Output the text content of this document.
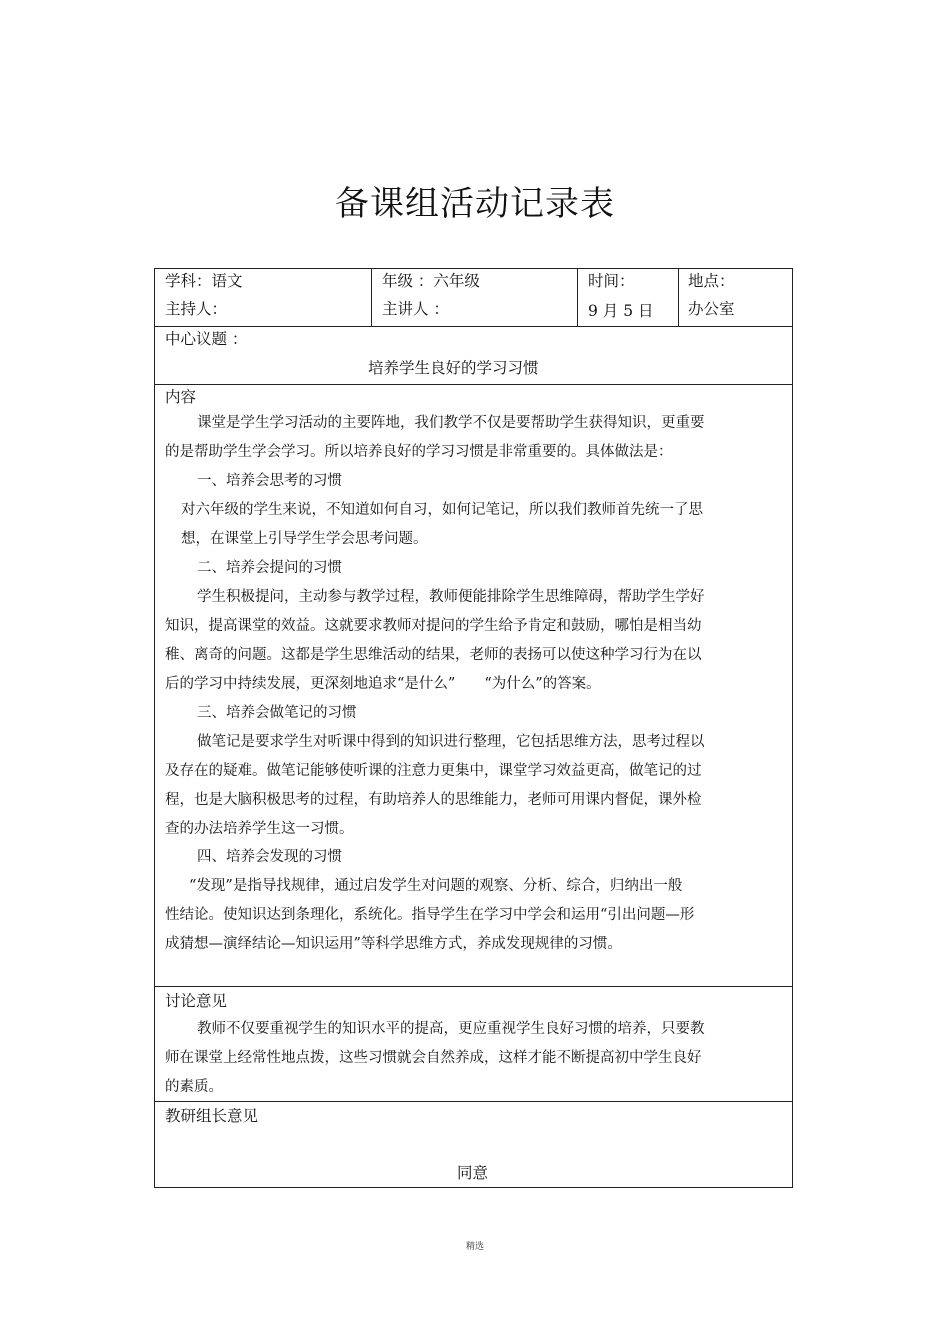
备课组活动记录表
学科：语文
主持人：
年级 ：六年级
主讲人 ：
时间：
9 月 5 日
地点：
办公室
中心议题 ：
培养学生良好的学习习惯
内容
课堂是学生学习活动的主要阵地，我们教学不仅是要帮助学生获得知识，更重要
的是帮助学生学会学习。所以培养良好的学习习惯是非常重要的。具体做法是：
一、培养会思考的习惯
对六年级的学生来说，不知道如何自习，如何记笔记，所以我们教师首先统一了思
想，在课堂上引导学生学会思考问题。
二、培养会提问的习惯
学生积极提问，主动参与教学过程，教师便能排除学生思维障碍，帮助学生学好
知识，提高课堂的效益。这就要求教师对提问的学生给予肯定和鼓励，哪怕是相当幼
稚、离奇的问题。这都是学生思维活动的结果，老师的表扬可以使这种学习行为在以
后的学习中持续发展，更深刻地追求“是什么”　　“为什么”的答案。
三、培养会做笔记的习惯
做笔记是要求学生对听课中得到的知识进行整理，它包括思维方法，思考过程以
及存在的疑难。做笔记能够使听课的注意力更集中，课堂学习效益更高，做笔记的过
程，也是大脑积极思考的过程，有助培养人的思维能力，老师可用课内督促，课外检
查的办法培养学生这一习惯。
四、培养会发现的习惯
“发现”是指导找规律，通过启发学生对问题的观察、分析、综合，归纳出一般
性结论。使知识达到条理化，系统化。指导学生在学习中学会和运用“引出问题—形
成猜想—演绎结论—知识运用”等科学思维方式，养成发现规律的习惯。
讨论意见
教师不仅要重视学生的知识水平的提高，更应重视学生良好习惯的培养，只要教
师在课堂上经常性地点拨，这些习惯就会自然养成，这样才能不断提高初中学生良好
的素质。
教研组长意见
同意
精选
